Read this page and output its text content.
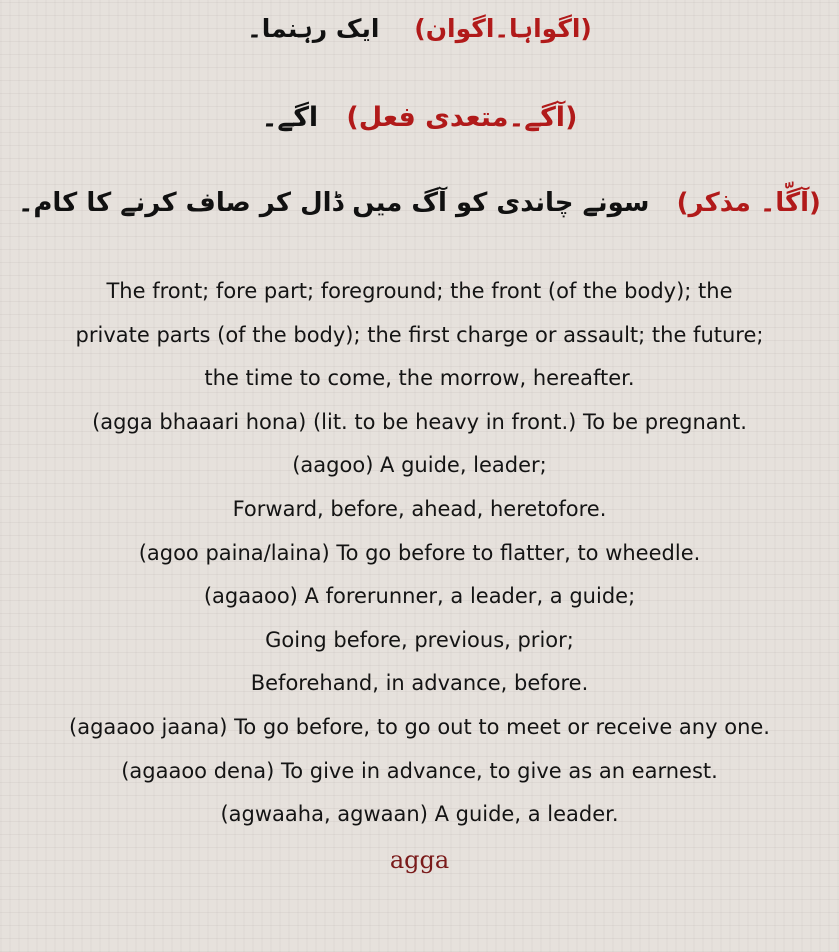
(اگواہا۔اگوان)    ایک رہنما۔
(آگے۔متعدی فعل)   اگے۔
(آگّا۔ مذکر)   سونے چاندی کو آگ میں ڈال کر صاف کرنے کا کام۔
The front; fore part; foreground; the front (of the body); the
private parts (of the body); the first charge or assault; the future;
the time to come, the morrow, hereafter.
(agga bhaaari hona) (lit. to be heavy in front.) To be pregnant.
(aagoo) A guide, leader;
Forward, before, ahead, heretofore.
(agoo paina/laina) To go before to flatter, to wheedle.
(agaaoo) A forerunner, a leader, a guide;
Going before, previous, prior;
Beforehand, in advance, before.
(agaaoo jaana) To go before, to go out to meet or receive any one.
(agaaoo dena) To give in advance, to give as an earnest.
(agwaaha, agwaan) A guide, a leader.
agga
